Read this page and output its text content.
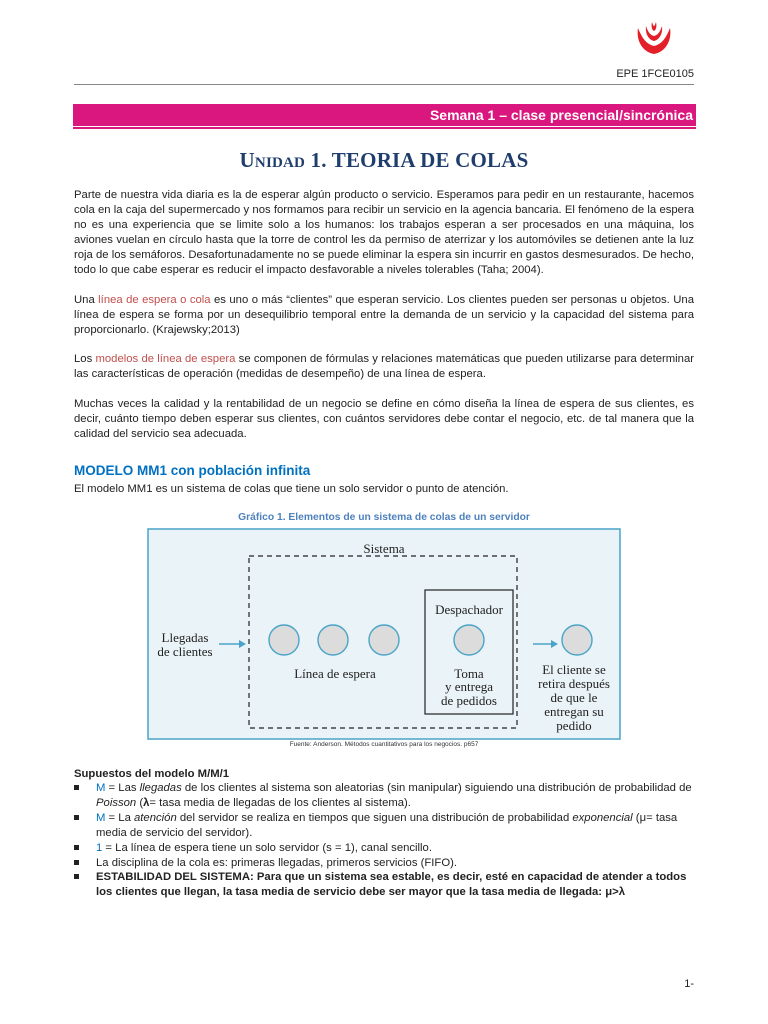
EPE 1FCE0105
Semana 1 – clase presencial/sincrónica
UNIDAD 1. TEORIA DE COLAS
Parte de nuestra vida diaria es la de esperar algún producto o servicio. Esperamos para pedir en un restaurante, hacemos cola en la caja del supermercado y nos formamos para recibir un servicio en la agencia bancaria. El fenómeno de la espera no es una experiencia que se limite solo a los humanos: los trabajos esperan a ser procesados en una máquina, los aviones vuelan en círculo hasta que la torre de control les da permiso de aterrizar y los automóviles se detienen ante la luz roja de los semáforos. Desafortunadamente no se puede eliminar la espera sin incurrir en gastos desmesurados. De hecho, todo lo que cabe esperar es reducir el impacto desfavorable a niveles tolerables (Taha; 2004).
Una línea de espera o cola es uno o más “clientes” que esperan servicio. Los clientes pueden ser personas u objetos. Una línea de espera se forma por un desequilibrio temporal entre la demanda de un servicio y la capacidad del sistema para proporcionarlo. (Krajewsky;2013)
Los modelos de línea de espera se componen de fórmulas y relaciones matemáticas que pueden utilizarse para determinar las características de operación (medidas de desempeño) de una línea de espera.
Muchas veces la calidad y la rentabilidad de un negocio se define en cómo diseña la línea de espera de sus clientes, es decir, cuánto tiempo deben esperar sus clientes, con cuántos servidores debe contar el negocio, etc. de tal manera que la calidad del servicio sea adecuada.
MODELO MM1 con población infinita
El modelo MM1 es un sistema de colas que tiene un solo servidor o punto de atención.
Gráfico 1. Elementos de un sistema de colas de un servidor
Sistema
Despachador
Llegadas
de clientes
Línea de espera	Toma
y entrega
de pedidos
El cliente se
retira después
de que le
entregan su
pedido
Fuente: Anderson. Métodos cuantitativos para los negocios. p657
Supuestos del modelo M/M/1
M = Las llegadas de los clientes al sistema son aleatorias (sin manipular) siguiendo una distribución de probabilidad de Poisson (λ= tasa media de llegadas de los clientes al sistema).
M = La atención del servidor se realiza en tiempos que siguen una distribución de probabilidad exponencial (μ= tasa media de servicio del servidor).
1 = La línea de espera tiene un solo servidor (s = 1), canal sencillo.
La disciplina de la cola es: primeras llegadas, primeros servicios (FIFO).
ESTABILIDAD DEL SISTEMA: Para que un sistema sea estable, es decir, esté en capacidad de atender a todos los clientes que llegan, la tasa media de servicio debe ser mayor que la tasa media de llegada: μ>λ
1-
